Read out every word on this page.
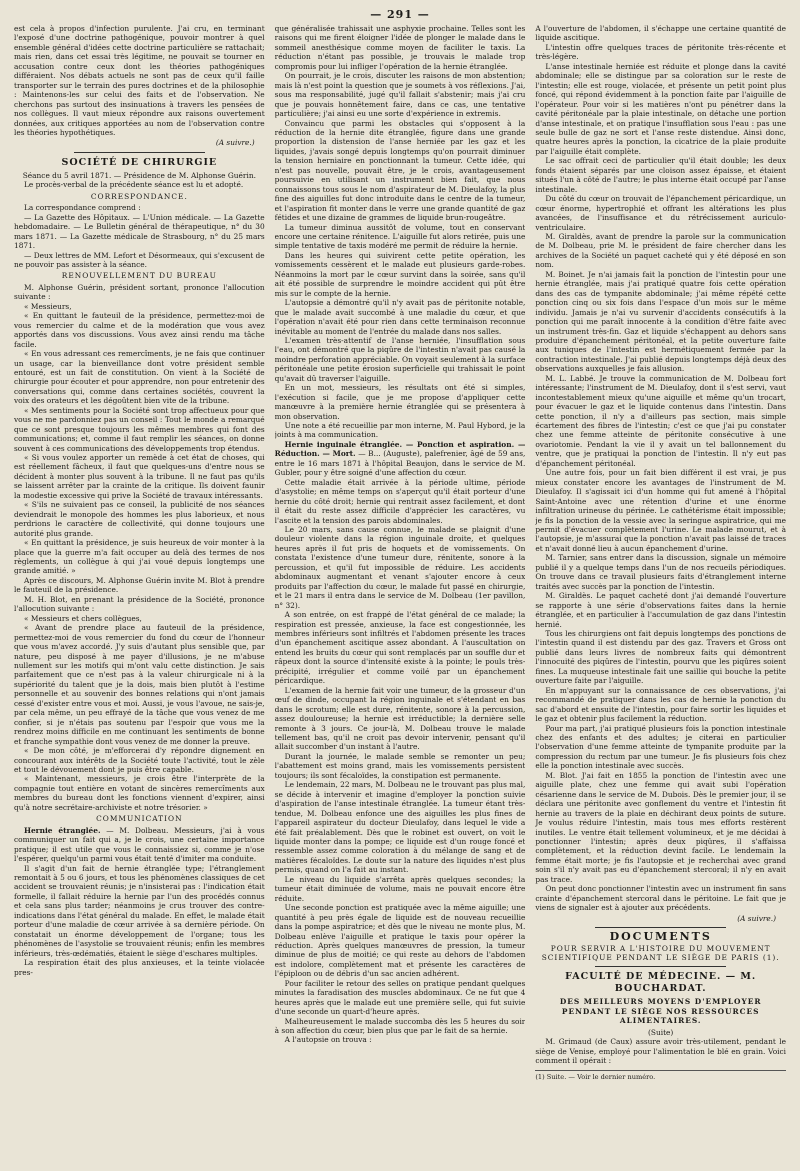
— 291 —

est cela à propos d'infection purulente. J'ai cru, en terminant l'exposé d'une doctrine pathogénique, pouvoir montrer à quel ensemble général d'idées cette doctrine particulière se rattachait; mais rien, dans cet essai très légitime, ne pouvait se tourner en accusation contre ceux dont les théories pathogéniques différaient. Nos débats actuels ne sont pas de ceux qu'il faille transporter sur le terrain des pures doctrines et de la philosophie : Maintenons-les sur celui des faits et de l'observation. Ne cherchons pas surtout des insinuations à travers les pensées de nos collègues. Il vaut mieux répondre aux raisons ouvertement données, aux critiques apportées au nom de l'observation contre les théories hypothétiques.

(A suivre.)
SOCIÉTÉ DE CHIRURGIE

Séance du 5 avril 1871. — Présidence de M. Alphonse Guérin.

Le procès-verbal de la précédente séance est lu et adopté.

CORRESPONDANCE.

La correspondance comprend :

— La Gazette des Hôpitaux. — L'Union médicale. — La Gazette hebdomadaire. — Le Bulletin général de thérapeutique, n° du 30 mars 1871. — La Gazette médicale de Strasbourg, n° du 25 mars 1871.

— Deux lettres de MM. Lefort et Désormeaux, qui s'excusent de ne pouvoir pas assister à la séance.

RENOUVELLEMENT DU BUREAU

M. Alphonse Guérin, président sortant, prononce l'allocution suivante :

« Messieurs,

« En quittant le fauteuil de la présidence, permettez-moi de vous remercier du calme et de la modération que vous avez apportés dans vos discussions. Vous avez ainsi rendu ma tâche facile.

« En vous adressant ces remercîments, je ne fais que continuer un usage, car la bienveillance dont votre président semble entouré, est un fait de constitution. On vient à la Société de chirurgie pour écouter et pour apprendre, non pour entretenir des conversations qui, comme dans certaines sociétés, couvrent la voix des orateurs et les dégoûtent bien vite de la tribune.

« Mes sentiments pour la Société sont trop affectueux pour que vous ne me pardonniez pas un conseil : Tout le monde a remarqué que ce sont presque toujours les mêmes membres qui font des communications; et, comme il faut remplir les séances, on donne souvent à ces communications des développements trop étendus.

« Si vous voulez apporter un remède à cet état de choses, qui est réellement fâcheux, il faut que quelques-uns d'entre nous se décident à monter plus souvent à la tribune. Il ne faut pas qu'ils se laissent arrêter par la crainte de la critique. Ils doivent faunir la modestie excessive qui prive la Société de travaux intéressants.

« S'ils ne suivaient pas ce conseil, la publicité de nos séances deviendrait le monopole des hommes les plus laborieux, et nous perdrions le caractère de collectivité, qui donne toujours une autorité plus grande.

« En quittant la présidence, je suis heureux de voir monter à la place que la guerre m'a fait occuper au delà des termes de nos règlements, un collègue à qui j'ai voué depuis longtemps une grande amitié. »

Après ce discours, M. Alphonse Guérin invite M. Blot à prendre le fauteuil de la présidence.

M. H. Blot, en prenant la présidence de la Société, prononce l'allocution suivante :

« Messieurs et chers collègues,

« Avant de prendre place au fauteuil de la présidence, permettez-moi de vous remercier du fond du cœur de l'honneur que vous m'avez accordé. J'y suis d'autant plus sensible que, par nature, peu disposé à me payer d'illusions, je ne m'abuse nullement sur les motifs qui m'ont valu cette distinction. Je sais parfaitement que ce n'est pas à la valeur chirurgicale ni à la supériorité du talent que je la dois, mais bien plutôt à l'estime personnelle et au souvenir des bonnes relations qui n'ont jamais cessé d'exister entre vous et moi. Aussi, je vous l'avoue, ne sais-je, par cela même, un peu effrayé de la tâche que vous venez de me confier, si je n'étais pas soutenu par l'espoir que vous me la rendrez moins difficile en me continuant les sentiments de bonne et franche sympathie dont vous venez de me donner la preuve.

« De mon côté, je m'efforcerai d'y répondre dignement en concourant aux intérêts de la Société toute l'activité, tout le zèle et tout le dévouement dont je puis être capable.

« Maintenant, messieurs, je crois être l'interprète de la compagnie tout entière en votant de sincères remercîments aux membres du bureau dont les fonctions viennent d'expirer, ainsi qu'à notre secrétaire-archiviste et notre trésorier. »

COMMUNICATION

Hernie étranglée. — M. Dolbeau. Messieurs, j'ai à vous communiquer un fait qui a, je le crois, une certaine importance pratique; il est utile que vous le connaissiez si, comme je n'ose l'espérer, quelqu'un parmi vous était tenté d'imiter ma conduite.

Il s'agit d'un fait de hernie étranglée type; l'étranglement remontait à 5 ou 6 jours, et tous les phénomènes classiques de cet accident se trouvaient réunis; je n'insisterai pas : l'indication était formelle, il fallait réduire la hernie par l'un des procédés connus et cela sans plus tarder; néanmoins je crus trouver des contre-indications dans l'état général du malade. En effet, le malade était porteur d'une maladie de cœur arrivée à sa dernière période. On constatait un énorme développement de l'organe; tous les phénomènes de l'asystolie se trouvaient réunis; enfin les membres inférieurs, très-œdématiés, étaient le siège d'eschares multiples.

La respiration était des plus anxieuses, et la teinte violacée pres-

que généralisée trahissait une asphyxie prochaine. Telles sont les raisons qui me firent éloigner l'idée de plonger le malade dans le sommeil anesthésique comme moyen de faciliter le taxis. La réduction n'étant pas possible, je trouvais le malade trop compromis pour lui infliger l'opération de la hernie étranglée.

On pourrait, je le crois, discuter les raisons de mon abstention; mais là n'est point la question que je soumets à vos réflexions. J'ai, sous ma responsabilité, jugé qu'il fallait s'abstenir; mais j'ai cru que je pouvais honnêtement faire, dans ce cas, une tentative particulière; j'ai ainsi eu une sorte d'expérience in extremis.

Convaincu que parmi les obstacles qui s'opposent à la réduction de la hernie dite étranglée, figure dans une grande proportion la distension de l'anse herniée par les gaz et les liquides, j'avais songé depuis longtemps qu'on pourrait diminuer la tension herniaire en ponctionnant la tumeur. Cette idée, qui n'est pas nouvelle, pouvait être, je le crois, avantageusement poursuivie en utilisant un instrument bien fait, que nous connaissons tous sous le nom d'aspirateur de M. Dieulafoy, la plus fine des aiguilles fut donc introduite dans le centre de la tumeur, et l'aspiration fit monter dans le verre une grande quantité de gaz fétides et une dizaine de grammes de liquide brun-rougeâtre.

La tumeur diminua aussitôt de volume, tout en conservant encore une certaine rénitence. L'aiguille fut alors retirée, puis une simple tentative de taxis modéré me permit de réduire la hernie.

Dans les heures qui suivirent cette petite opération, les vomissements cessèrent et le malade eut plusieurs garde-robes. Néanmoins la mort par le cœur survint dans la soirée, sans qu'il ait été possible de surprendre le moindre accident qui pût être mis sur le compte de la hernie.

L'autopsie a démontré qu'il n'y avait pas de péritonite notable, que le malade avait succombé à une maladie du cœur, et que l'opération n'avait été pour rien dans cette terminaison reconnue inévitable au moment de l'entrée du malade dans nos salles.

L'examen très-attentif de l'anse herniée, l'insufflation sous l'eau, ont démontré que la piqûre de l'intestin n'avait pas causé la moindre perforation appréciable. On voyait seulement à la surface péritonéale une petite érosion superficielle qui trahissait le point qu'avait dû traverser l'aiguille.

En un mot, messieurs, les résultats ont été si simples, l'exécution si facile, que je me propose d'appliquer cette manœuvre à la première hernie étranglée qui se présentera à mon observation.

Une note a été recueillie par mon interne, M. Paul Hybord, je la joints à ma communication.

Hernie inguinale étranglée. — Ponction et aspiration. — Réduction. — Mort. — B... (Auguste), palefrenier, âgé de 59 ans, entre le 16 mars 1871 à l'hôpital Beaujon, dans le service de M. Gubler, pour y être soigné d'une affection du cœur.

Cette maladie était arrivée à la période ultime, période d'asystolie; en même temps on s'aperçut qu'il était porteur d'une hernie du côté droit; hernie qui rentrait assez facilement, et dont il était du reste assez difficile d'apprécier les caractères, vu l'ascite et la tension des parois abdominales.

Le 20 mars, sans cause connue, le malade se plaignit d'une douleur violente dans la région inguinale droite, et quelques heures après il fut pris de hoquets et de vomissements. On constata l'existence d'une tumeur dure, rénitente, sonore à la percussion, et qu'il fut impossible de réduire. Les accidents abdominaux augmentant et venant s'ajouter encore à ceux produits par l'affection du cœur, le malade fut passé en chirurgie, et le 21 mars il entra dans le service de M. Dolbeau (1er pavillon, n° 32).

A son entrée, on est frappé de l'état général de ce malade; la respiration est pressée, anxieuse, la face est congestionnée, les membres inférieurs sont infiltrés et l'abdomen présente les traces d'un épanchement ascitique assez abondant. A l'auscultation on entend les bruits du cœur qui sont remplacés par un souffle dur et râpeux dont la source d'intensité existe à la pointe; le pouls très-précipité, irrégulier et comme voilé par un épanchement péricardique.

L'examen de la hernie fait voir une tumeur, de la grosseur d'un œuf de dinde, occupant la région inguinale et s'étendant en bas dans le scrotum; elle est dure, rénitente, sonore à la percussion, assez douloureuse; la hernie est irréductible; la dernière selle remonte à 3 jours. Ce jour-là, M. Dolbeau trouve le malade tellement bas, qu'il ne croit pas devoir intervenir, pensant qu'il allait succomber d'un instant à l'autre.

Durant la journée, le malade semble se remonter un peu; l'abattement est moins grand, mais les vomissements persistent toujours; ils sont fécaloïdes, la constipation est permanente.

Le lendemain, 22 mars, M. Dolbeau ne le trouvant pas plus mal, se décide à intervenir et imagine d'employer la ponction suivie d'aspiration de l'anse intestinale étranglée. La tumeur étant très-tendue, M. Dolbeau enfonce une des aiguilles les plus fines de l'appareil aspirateur du docteur Dieulafoy, dans lequel le vide a été fait préalablement. Dès que le robinet est ouvert, on voit le liquide monter dans la pompe; ce liquide est d'un rouge foncé et ressemble assez comme coloration à du mélange de sang et de matières fécaloïdes. Le doute sur la nature des liquides n'est plus permis, quand on l'a fait au instant.

Le niveau du liquide s'arrêta après quelques secondes; la tumeur était diminuée de volume, mais ne pouvait encore être réduite.

Une seconde ponction est pratiquée avec la même aiguille; une quantité à peu près égale de liquide est de nouveau recueillie dans la pompe aspiratrice; et dès que le niveau ne monte plus, M. Dolbeau enlève l'aiguille et pratique le taxis pour opérer la réduction. Après quelques manœuvres de pression, la tumeur diminue de plus de moitié; ce qui reste au dehors de l'abdomen est indolore, complètement mat et présente les caractères de l'épiploon ou de débris d'un sac ancien adhérent.

Pour faciliter le retour des selles on pratique pendant quelques minutes la faradisation des muscles abdominaux. Ce ne fut que 4 heures après que le malade eut une première selle, qui fut suivie d'une seconde un quart-d'heure après.

Malheureusement le malade succomba dès les 5 heures du soir à son affection du cœur, bien plus que par le fait de sa hernie.

A l'autopsie on trouva :

A l'ouverture de l'abdomen, il s'échappe une certaine quantité de liquide ascitique.

L'intestin offre quelques traces de péritonite très-récente et très-légère.

L'anse intestinale herniée est réduite et plonge dans la cavité abdominale; elle se distingue par sa coloration sur le reste de l'intestin; elle est rouge, violacée, et présente un petit point plus foncé, qui répond évidemment à la ponction faite par l'aiguille de l'opérateur. Pour voir si les matières n'ont pu pénétrer dans la cavité péritonéale par la plaie intestinale, on détache une portion d'anse intestinale, et on pratique l'insufflation sous l'eau : pas une seule bulle de gaz ne sort et l'anse reste distendue. Ainsi donc, quatre heures après la ponction, la cicatrice de la plaie produite par l'aiguille était complète.

Le sac offrait ceci de particulier qu'il était double; les deux fonds étaient séparés par une cloison assez épaisse, et étaient situés l'un à côté de l'autre; le plus interne était occupé par l'anse intestinale.

Du côté du cœur on trouvait de l'épanchement péricardique, un cœur énorme, hypertrophié et offrant les altérations les plus avancées, de l'insuffisance et du rétrécissement auriculo-ventriculaire.

M. Giraldès, avant de prendre la parole sur la communication de M. Dolbeau, prie M. le président de faire chercher dans les archives de la Société un paquet cacheté qui y été déposé en son nom.

M. Boinet. Je n'ai jamais fait la ponction de l'intestin pour une hernie étranglée, mais j'ai pratiqué quatre fois cette opération dans des cas de tympanite abdominale; j'ai même répété cette ponction cinq ou six fois dans l'espace d'un mois sur le même individu. Jamais je n'ai vu survenir d'accidents consécutifs à la ponction qui me paraît innocente à la condition d'être faite avec un instrument très-fin. Gaz et liquide s'échappent au dehors sans produire d'épanchement péritonéal, et la petite ouverture faite aux tuniques de l'intestin est hermétiquement fermée par la contraction intestinale. J'ai publié depuis longtemps déjà deux des observations auxquelles je fais allusion.

M. L. Labbé. Je trouve la communication de M. Dolbeau fort intéressante; l'instrument de M. Dieulafoy, dont il s'est servi, vaut incontestablement mieux qu'une aiguille et même qu'un trocart, pour évacuer le gaz et le liquide contenus dans l'intestin. Dans cette ponction, il n'y a d'ailleurs pas section, mais simple écartement des fibres de l'intestin; c'est ce que j'ai pu constater chez une femme atteinte de péritonite consécutive à une ovariotomie. Pendant la vie il y avait un tel ballonnement du ventre, que je pratiquai la ponction de l'intestin. Il n'y eut pas d'épanchement péritonéal.

Une autre fois, pour un fait bien différent il est vrai, je pus mieux constater encore les avantages de l'instrument de M. Dieulafoy. Il s'agissait ici d'un homme qui fut amené à l'hôpital Saint-Antoine avec une rétention d'urine et une énorme infiltration urineuse du périnée. Le cathétérisme était impossible; je fis la ponction de la vessie avec la seringue aspiratrice, qui me permit d'évacuer complètement l'urine. Le malade mourut, et à l'autopsie, je m'assurai que la ponction n'avait pas laissé de traces et n'avait donné lieu à aucun épanchement d'urine.

M. Tarnier, sans entrer dans la discussion, signale un mémoire publié il y a quelque temps dans l'un de nos recueils périodiques. On trouve dans ce travail plusieurs faits d'étranglement interne traités avec succès par la ponction de l'intestin.

M. Giraldès. Le paquet cacheté dont j'ai demandé l'ouverture se rapporte à une série d'observations faites dans la hernie étranglée, et en particulier à l'accumulation de gaz dans l'intestin hernié.

Tous les chirurgiens ont fait depuis longtemps des ponctions de l'intestin quand il est distendu par des gaz. Travers et Gross ont publié dans leurs livres de nombreux faits qui démontrent l'innocuité des piqûres de l'intestin, pourvu que les piqûres soient fines. La muqueuse intestinale fait une saillie qui bouche la petite ouverture faite par l'aiguille.

En m'appuyant sur la connaissance de ces observations, j'ai recommandé de pratiquer dans les cas de hernie la ponction du sac d'abord et ensuite de l'intestin, pour faire sortir les liquides et le gaz et obtenir plus facilement la réduction.

Pour ma part, j'ai pratiqué plusieurs fois la ponction intestinale chez des enfants et des adultes; je citerai en particulier l'observation d'une femme atteinte de tympanite produite par la compression du rectum par une tumeur. Je fis plusieurs fois chez elle la ponction intestinale avec succès.

M. Blot. J'ai fait en 1855 la ponction de l'intestin avec une aiguille plate, chez une femme qui avait subi l'opération césarienne dans le service de M. Dubois. Dès le premier jour, il se déclara une péritonite avec gonflement du ventre et l'intestin fit hernie au travers de la plaie en déchirant deux points de suture. Je voulus réduire l'intestin, mais tous mes efforts restèrent inutiles. Le ventre était tellement volumineux, et je me décidai à ponctionner l'intestin; après deux piqûres, il s'affaissa complètement, et la réduction devint facile. Le lendemain la femme était morte; je fis l'autopsie et je recherchai avec grand soin s'il n'y avait pas eu d'épanchement stercoral; il n'y en avait pas trace.

On peut donc ponctionner l'intestin avec un instrument fin sans crainte d'épanchement stercoral dans le péritoine. Le fait que je viens de signaler est à ajouter aux précédents.

(A suivre.)
DOCUMENTS
POUR SERVIR A L'HISTOIRE DU MOUVEMENT SCIENTIFIQUE PENDANT LE SIÈGE DE PARIS (1).
FACULTÉ DE MÉDECINE. — M. BOUCHARDAT.
DES MEILLEURS MOYENS D'EMPLOYER PENDANT LE SIÈGE NOS RESSOURCES ALIMENTAIRES.
(Suite)

M. Grimaud (de Caux) assure avoir très-utilement, pendant le siège de Venise, employé pour l'alimentation le blé en grain. Voici comment il opérait :

(1) Suite. — Voir le dernier numéro.
